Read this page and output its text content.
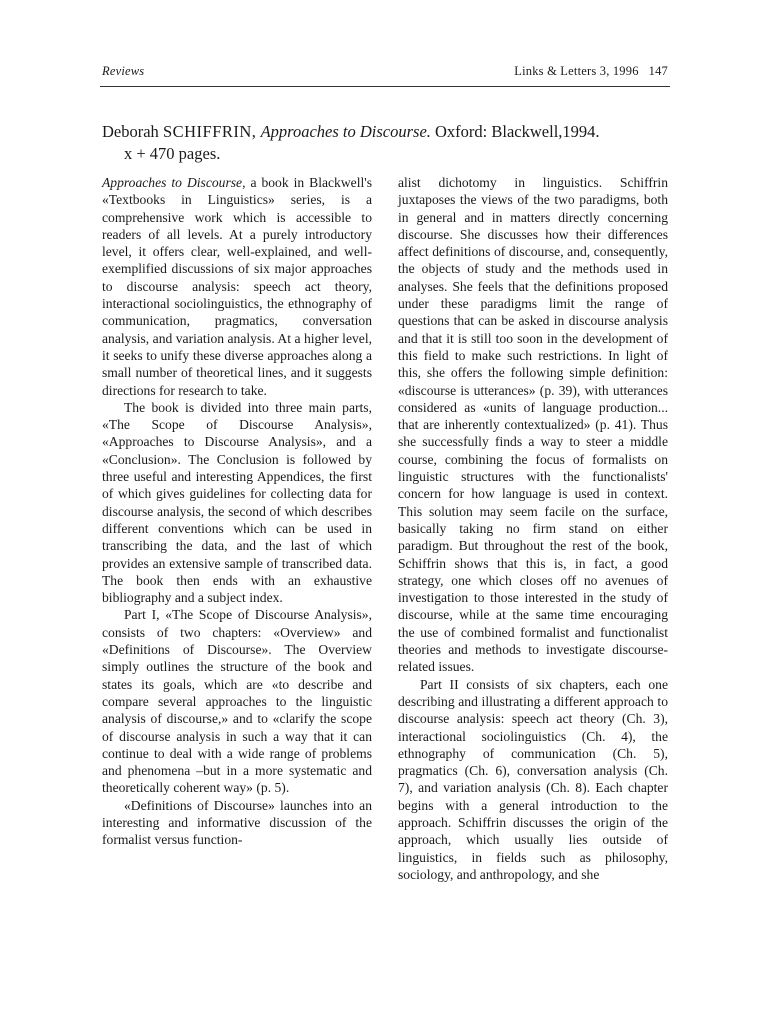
Reviews	Links & Letters 3, 1996 147
Deborah SCHIFFRIN, Approaches to Discourse. Oxford: Blackwell,1994.
x + 470 pages.

Approaches to Discourse, a book in Blackwell's «Textbooks in Linguistics» series, is a comprehensive work which is accessible to readers of all levels. At a purely introductory level, it offers clear, well-explained, and well-exemplified discussions of six major approaches to discourse analysis: speech act theory, interactional sociolinguistics, the ethnography of communication, pragmatics, conversation analysis, and variation analysis. At a higher level, it seeks to unify these diverse approaches along a small number of theoretical lines, and it suggests directions for research to take.

The book is divided into three main parts, «The Scope of Discourse Analysis», «Approaches to Discourse Analysis», and a «Conclusion». The Conclusion is followed by three useful and interesting Appendices, the first of which gives guidelines for collecting data for discourse analysis, the second of which describes different conventions which can be used in transcribing the data, and the last of which provides an extensive sample of transcribed data. The book then ends with an exhaustive bibliography and a subject index.

Part I, «The Scope of Discourse Analysis», consists of two chapters: «Overview» and «Definitions of Discourse». The Overview simply outlines the structure of the book and states its goals, which are «to describe and compare several approaches to the linguistic analysis of discourse,» and to «clarify the scope of discourse analysis in such a way that it can continue to deal with a wide range of problems and phenomena –but in a more systematic and theoretically coherent way» (p. 5).

«Definitions of Discourse» launches into an interesting and informative discussion of the formalist versus function-

alist dichotomy in linguistics. Schiffrin juxtaposes the views of the two paradigms, both in general and in matters directly concerning discourse. She discusses how their differences affect definitions of discourse, and, consequently, the objects of study and the methods used in analyses. She feels that the definitions proposed under these paradigms limit the range of questions that can be asked in discourse analysis and that it is still too soon in the development of this field to make such restrictions. In light of this, she offers the following simple definition: «discourse is utterances» (p. 39), with utterances considered as «units of language production... that are inherently contextualized» (p. 41). Thus she successfully finds a way to steer a middle course, combining the focus of formalists on linguistic structures with the functionalists' concern for how language is used in context. This solution may seem facile on the surface, basically taking no firm stand on either paradigm. But throughout the rest of the book, Schiffrin shows that this is, in fact, a good strategy, one which closes off no avenues of investigation to those interested in the study of discourse, while at the same time encouraging the use of combined formalist and functionalist theories and methods to investigate discourse-related issues.

Part II consists of six chapters, each one describing and illustrating a different approach to discourse analysis: speech act theory (Ch. 3), interactional sociolinguistics (Ch. 4), the ethnography of communication (Ch. 5), pragmatics (Ch. 6), conversation analysis (Ch. 7), and variation analysis (Ch. 8). Each chapter begins with a general introduction to the approach. Schiffrin discusses the origin of the approach, which usually lies outside of linguistics, in fields such as philosophy, sociology, and anthropology, and she
